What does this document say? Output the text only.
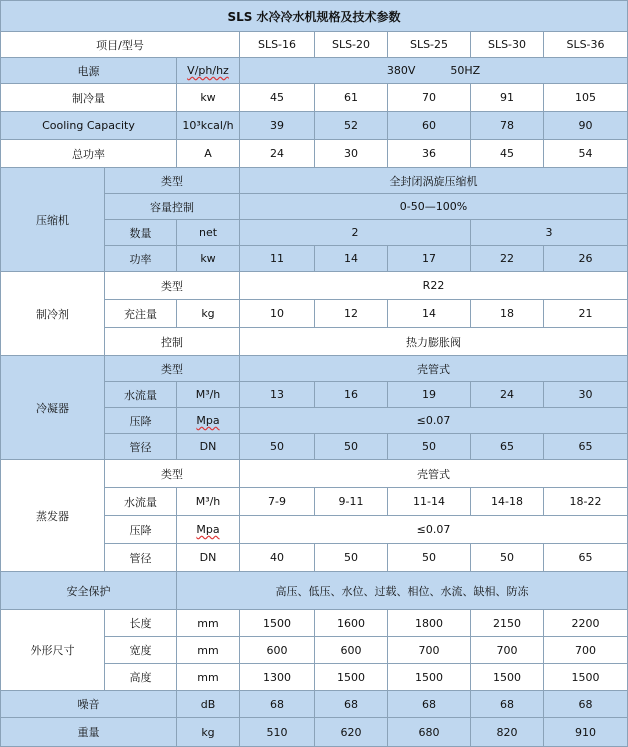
SLS 水冷冷水机规格及技术参数							
项目/型号			SLS-16	SLS-20	SLS-25	SLS-30	SLS-36
电源		V/ph/hz	380V          50HZ				
制冷量		kw	45	61	70	91	105
Cooling Capacity		10³kcal/h	39	52	60	78	90
总功率		A	24	30	36	45	54
压缩机	类型		全封闭涡旋压缩机				
	容量控制		0-50—100%				
	数量	net	2			3	
	功率	kw	11	14	17	22	26
制冷剂	类型		R22				
	充注量	kg	10	12	14	18	21
	控制		热力膨胀阀				
冷凝器	类型		壳管式				
	水流量	M³/h	13	16	19	24	30
	压降	Mpa	≤0.07				
	管径	DN	50	50	50	65	65
蒸发器	类型		壳管式				
	水流量	M³/h	7-9	9-11	11-14	14-18	18-22
	压降	Mpa	≤0.07				
	管径	DN	40	50	50	50	65
安全保护		高压、低压、水位、过载、相位、水流、缺相、防冻					
外形尺寸	长度	mm	1500	1600	1800	2150	2200
	宽度	mm	600	600	700	700	700
	高度	mm	1300	1500	1500	1500	1500
噪音		dB	68	68	68	68	68
重量		kg	510	620	680	820	910
